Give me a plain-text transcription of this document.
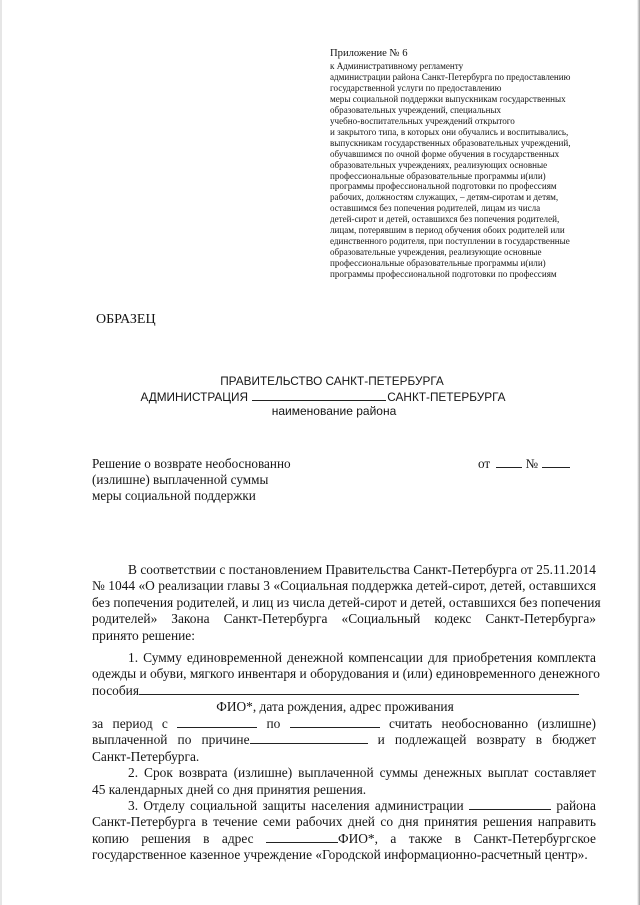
Приложение № 6
к Административному регламенту
администрации района Санкт-Петербурга по предоставлению
государственной услуги по предоставлению
меры социальной поддержки выпускникам государственных
образовательных учреждений, специальных
учебно-воспитательных учреждений открытого
и закрытого типа, в которых они обучались и воспитывались,
выпускникам государственных образовательных учреждений,
обучавшимся по очной форме обучения в государственных
образовательных учреждениях, реализующих основные
профессиональные образовательные программы и(или)
программы профессиональной подготовки по профессиям
рабочих, должностям служащих, – детям-сиротам и детям,
оставшимся без попечения родителей, лицам из числа
детей-сирот и детей, оставшихся без попечения родителей,
лицам, потерявшим в период обучения обоих родителей или
единственного родителя, при поступлении в государственные
образовательные учреждения, реализующие основные
профессиональные образовательные программы и(или)
программы профессиональной подготовки по профессиям
ОБРАЗЕЦ
ПРАВИТЕЛЬСТВО САНКТ-ПЕТЕРБУРГА
АДМИНИСТРАЦИЯ	САНКТ-ПЕТЕРБУРГА
наименование района
Решение о возврате необоснованно
(излишне) выплаченной суммы
меры социальной поддержки
от	№
В соответствии с постановлением Правительства Санкт-Петербурга от 25.11.2014
№ 1044 «О реализации главы 3 «Социальная поддержка детей-сирот, детей, оставшихся
без попечения родителей, и лиц из числа детей-сирот и детей, оставшихся без попечения
родителей» Закона Санкт-Петербурга «Социальный кодекс Санкт-Петербурга»
принято решение:
1. Сумму единовременной денежной компенсации для приобретения комплекта
одежды и обуви, мягкого инвентаря и оборудования и (или) единовременного денежного
пособия
ФИО*, дата рождения, адрес проживания
за период с	по	считать необоснованно (излишне)
выплаченной по причине	и подлежащей возврату в бюджет
Санкт-Петербурга.
2. Срок возврата (излишне) выплаченной суммы денежных выплат составляет
45 календарных дней со дня принятия решения.
3. Отделу социальной защиты населения администрации	района
Санкт-Петербурга в течение семи рабочих дней со дня принятия решения направить
копию решения в адрес	ФИО*, а также в Санкт-Петербургское
государственное казенное учреждение «Городской информационно-расчетный центр».
